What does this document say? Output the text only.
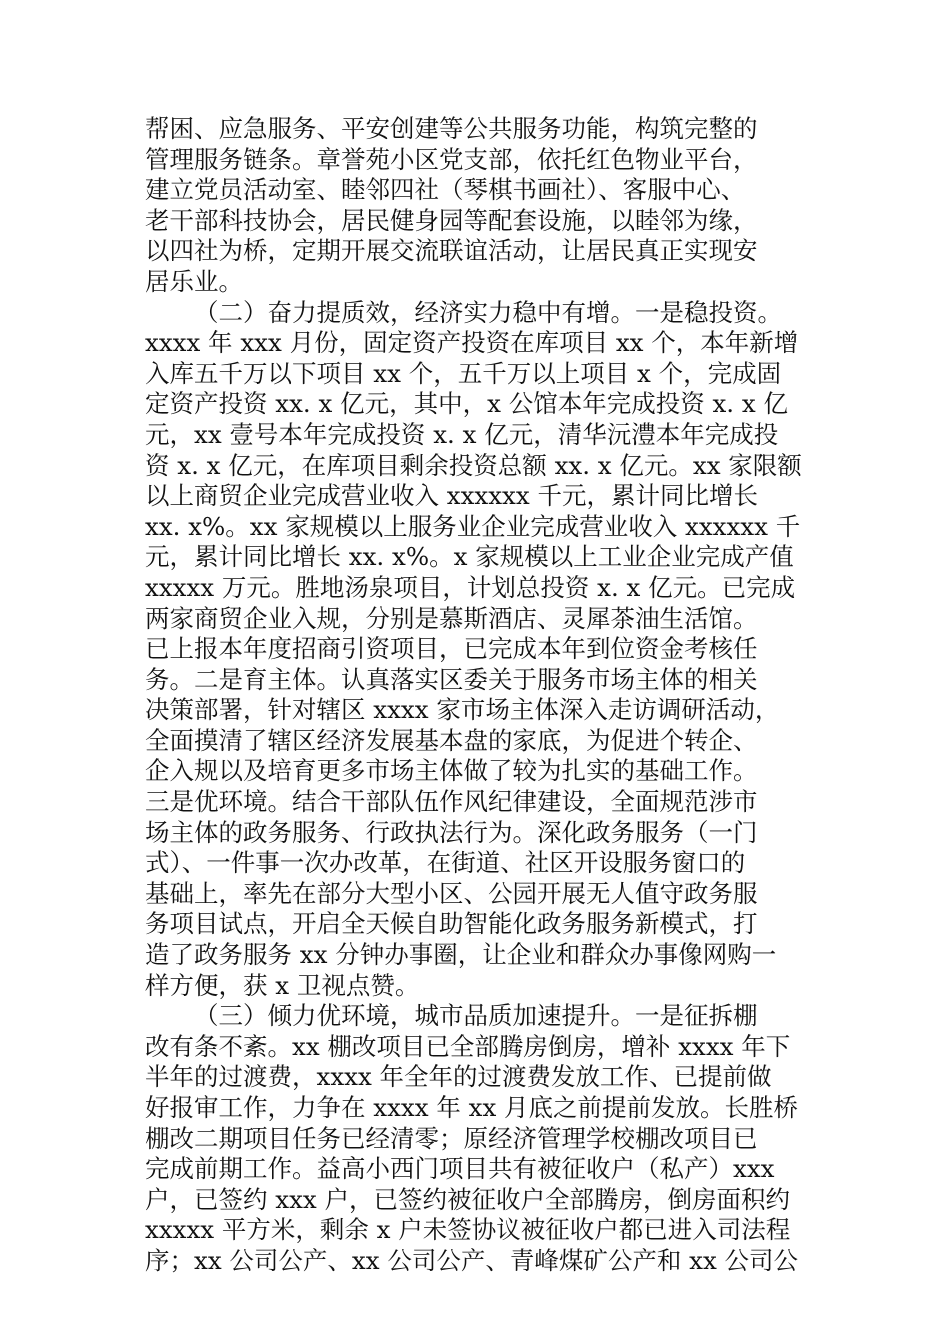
帮困、应急服务、平安创建等公共服务功能，构筑完整的
管理服务链条。章誉苑小区党支部，依托红色物业平台，
建立党员活动室、睦邻四社（琴棋书画社）、客服中心、
老干部科技协会，居民健身园等配套设施，以睦邻为缘，
以四社为桥，定期开展交流联谊活动，让居民真正实现安
居乐业。
（二）奋力提质效，经济实力稳中有增。一是稳投资。
xxxx 年 xxx 月份，固定资产投资在库项目 xx 个，本年新增
入库五千万以下项目 xx 个，五千万以上项目 x 个，完成固
定资产投资 xx. x 亿元，其中，x 公馆本年完成投资 x. x 亿
元，xx 壹号本年完成投资 x. x 亿元，清华沅澧本年完成投
资 x. x 亿元，在库项目剩余投资总额 xx. x 亿元。xx 家限额
以上商贸企业完成营业收入 xxxxxx 千元，累计同比增长
xx. x%。xx 家规模以上服务业企业完成营业收入 xxxxxx 千
元，累计同比增长 xx. x%。x 家规模以上工业企业完成产值
xxxxx 万元。胜地汤泉项目，计划总投资 x. x 亿元。已完成
两家商贸企业入规，分别是慕斯酒店、灵犀茶油生活馆。
已上报本年度招商引资项目，已完成本年到位资金考核任
务。二是育主体。认真落实区委关于服务市场主体的相关
决策部署，针对辖区 xxxx 家市场主体深入走访调研活动，
全面摸清了辖区经济发展基本盘的家底，为促进个转企、
企入规以及培育更多市场主体做了较为扎实的基础工作。
三是优环境。结合干部队伍作风纪律建设，全面规范涉市
场主体的政务服务、行政执法行为。深化政务服务（一门
式）、一件事一次办改革，在街道、社区开设服务窗口的
基础上，率先在部分大型小区、公园开展无人值守政务服
务项目试点，开启全天候自助智能化政务服务新模式，打
造了政务服务 xx 分钟办事圈，让企业和群众办事像网购一
样方便，获 x 卫视点赞。
（三）倾力优环境，城市品质加速提升。一是征拆棚
改有条不紊。xx 棚改项目已全部腾房倒房，增补 xxxx 年下
半年的过渡费，xxxx 年全年的过渡费发放工作、已提前做
好报审工作，力争在 xxxx 年 xx 月底之前提前发放。长胜桥
棚改二期项目任务已经清零；原经济管理学校棚改项目已
完成前期工作。益高小西门项目共有被征收户（私产）xxx
户，已签约 xxx 户，已签约被征收户全部腾房，倒房面积约
xxxxx 平方米，剩余 x 户未签协议被征收户都已进入司法程
序；xx 公司公产、xx 公司公产、青峰煤矿公产和 xx 公司公
